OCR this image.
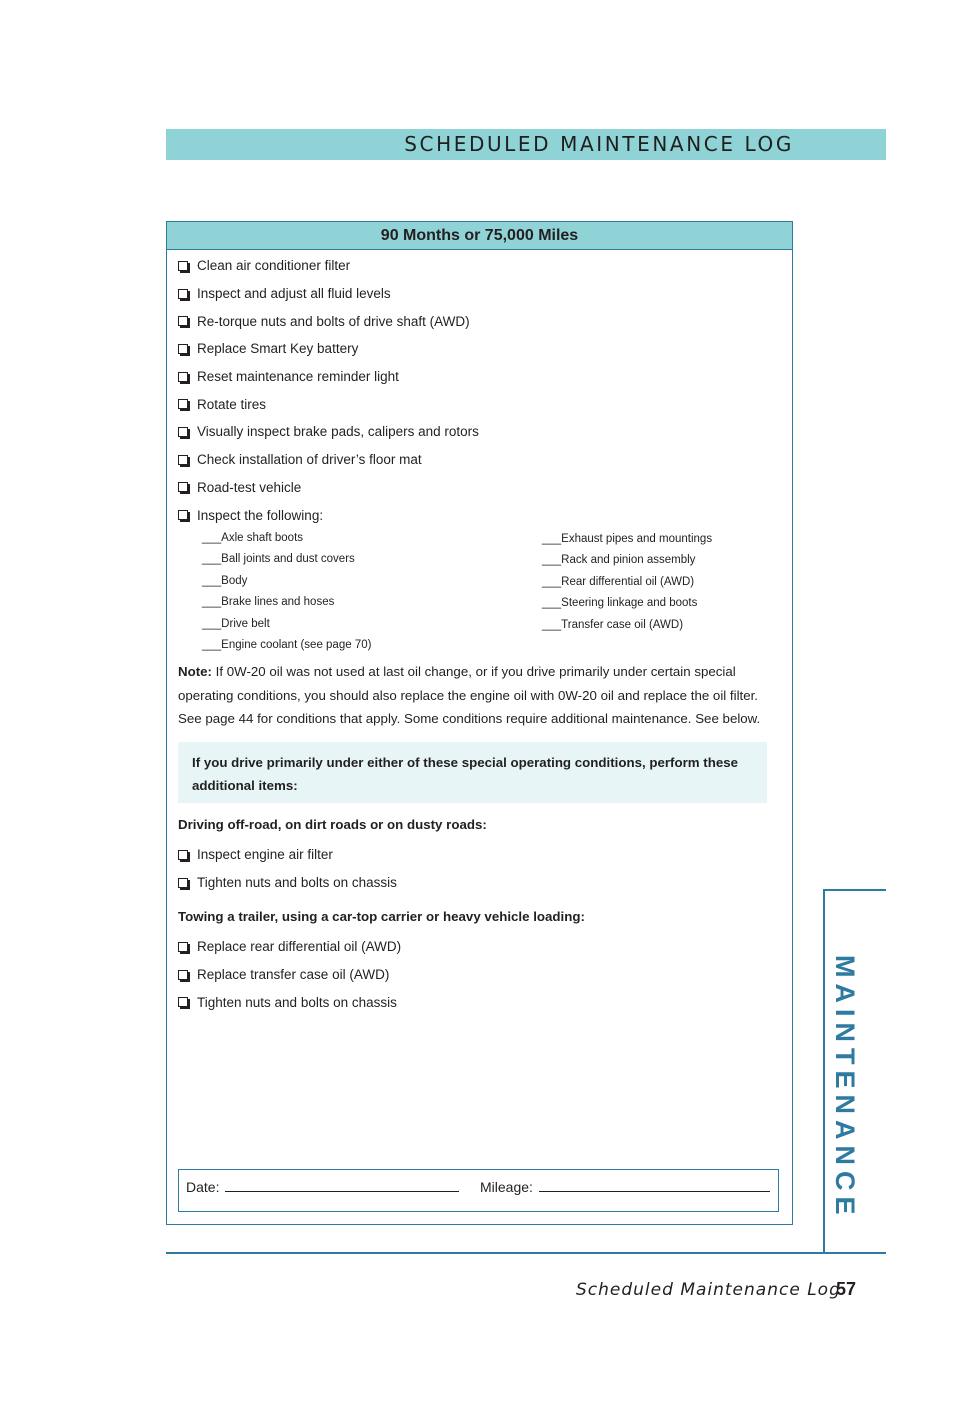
SCHEDULED MAINTENANCE LOG
90 Months or 75,000 Miles
Clean air conditioner filter
Inspect and adjust all fluid levels
Re-torque nuts and bolts of drive shaft (AWD)
Replace Smart Key battery
Reset maintenance reminder light
Rotate tires
Visually inspect brake pads, calipers and rotors
Check installation of driver’s floor mat
Road-test vehicle
Inspect the following:
___Axle shaft boots
___Ball joints and dust covers
___Body
___Brake lines and hoses
___Drive belt
___Engine coolant (see page 70)
___Exhaust pipes and mountings
___Rack and pinion assembly
___Rear differential oil (AWD)
___Steering linkage and boots
___Transfer case oil (AWD)
Note: If 0W-20 oil was not used at last oil change, or if you drive primarily under certain special operating conditions, you should also replace the engine oil with 0W-20 oil and replace the oil filter. See page 44 for conditions that apply. Some conditions require additional maintenance. See below.
If you drive primarily under either of these special operating conditions, perform these additional items:
Driving off-road, on dirt roads or on dusty roads:
Inspect engine air filter
Tighten nuts and bolts on chassis
Towing a trailer, using a car-top carrier or heavy vehicle loading:
Replace rear differential oil (AWD)
Replace transfer case oil (AWD)
Tighten nuts and bolts on chassis
Date:	Mileage:	MAINTENANCE
Scheduled Maintenance Log
57
